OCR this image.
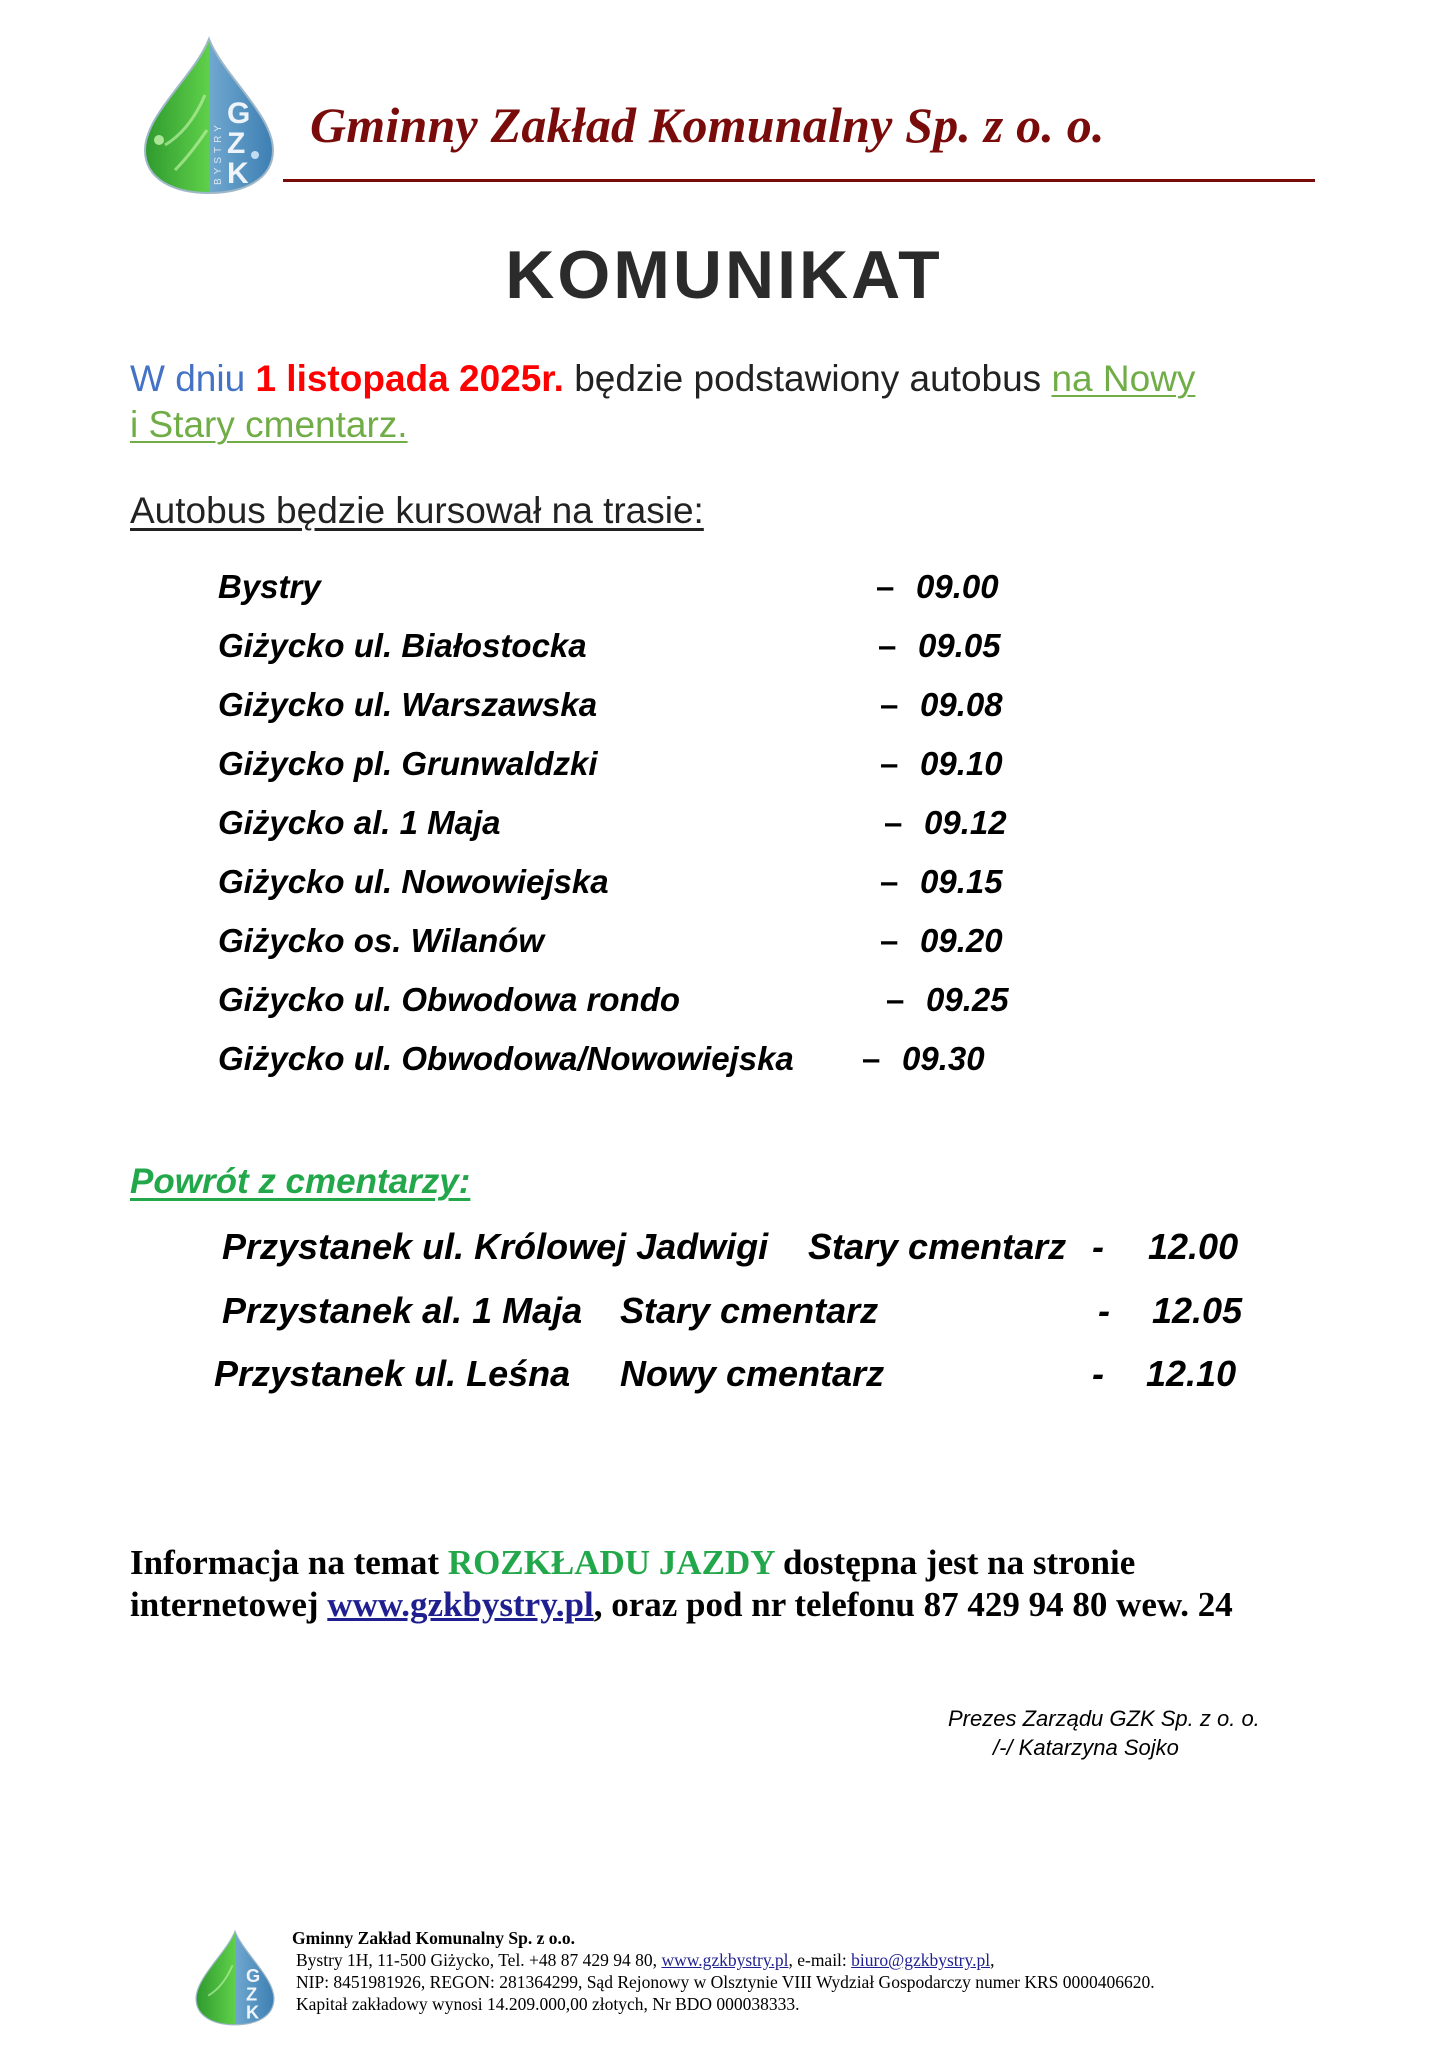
G
Z
K
BYSTRY Gminny Zakład Komunalny Sp. z o. o.
KOMUNIKAT
W dniu 1 listopada 2025r. będzie podstawiony autobus na Nowy
i Stary cmentarz.
Autobus będzie kursował na trasie:
Bystry	– 09.00
Giżycko ul. Białostocka	– 09.05
Giżycko ul. Warszawska	– 09.08
Giżycko pl. Grunwaldzki	– 09.10
Giżycko al. 1 Maja	– 09.12
Giżycko ul. Nowowiejska	– 09.15
Giżycko os. Wilanów	– 09.20
Giżycko ul. Obwodowa rondo	– 09.25
Giżycko ul. Obwodowa/Nowowiejska – 09.30
Powrót z cmentarzy:
Przystanek ul. Królowej Jadwigi Stary cmentarz - 12.00
Przystanek al. 1 Maja Stary cmentarz	- 12.05
Przystanek ul. Leśna Nowy cmentarz	- 12.10
Informacja na temat ROZKŁADU JAZDY dostępna jest na stronie
internetowej www.gzkbystry.pl, oraz pod nr telefonu 87 429 94 80 wew. 24
Prezes Zarządu GZK Sp. z o. o.
/-/ Katarzyna Sojko
G
Z
K
Gminny Zakład Komunalny Sp. z o.o.
Bystry 1H, 11-500 Giżycko, Tel. +48 87 429 94 80, www.gzkbystry.pl, e-mail: biuro@gzkbystry.pl,
NIP: 8451981926, REGON: 281364299, Sąd Rejonowy w Olsztynie VIII Wydział Gospodarczy numer KRS 0000406620.
Kapitał zakładowy wynosi 14.209.000,00 złotych, Nr BDO 000038333.
